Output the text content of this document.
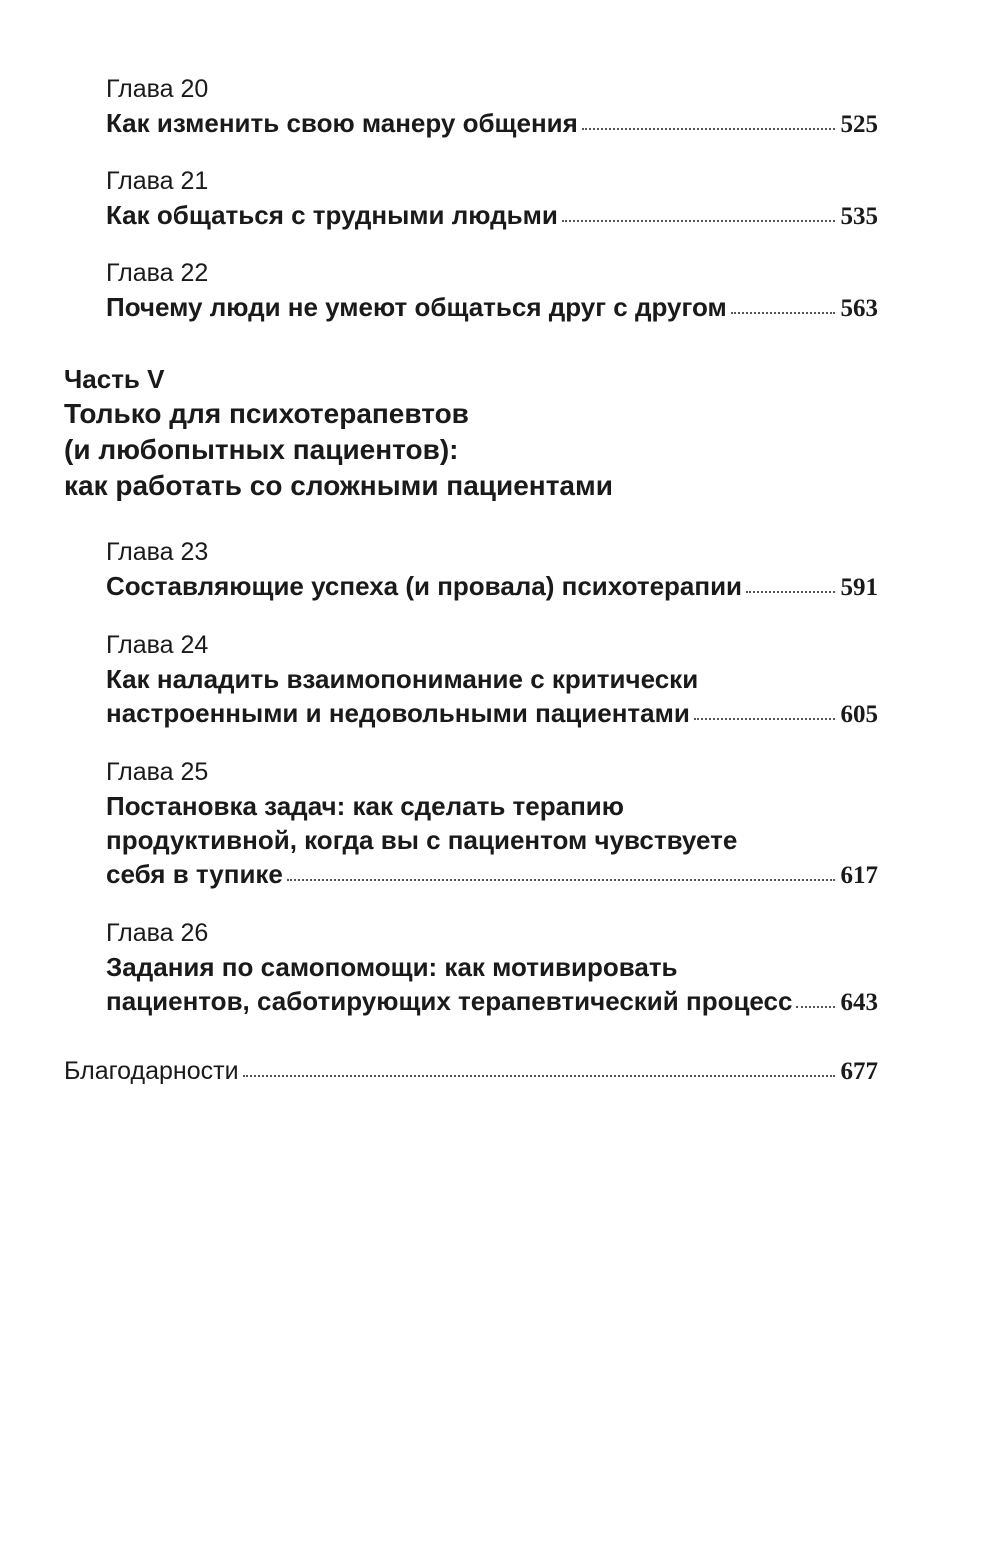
Глава 20
Как изменить свою манеру общения	525
Глава 21
Как общаться с трудными людьми	535
Глава 22
Почему люди не умеют общаться друг с другом	563
Часть V
Только для психотерапевтов
(и любопытных пациентов):
как работать со сложными пациентами
Глава 23
Составляющие успеха (и провала) психотерапии	591
Глава 24
Как наладить взаимопонимание с критически
настроенными и недовольными пациентами	605
Глава 25
Постановка задач: как сделать терапию
продуктивной, когда вы с пациентом чувствуете
себя в тупике	617
Глава 26
Задания по самопомощи: как мотивировать
пациентов, саботирующих терапевтический процесс 643
Благодарности	677
